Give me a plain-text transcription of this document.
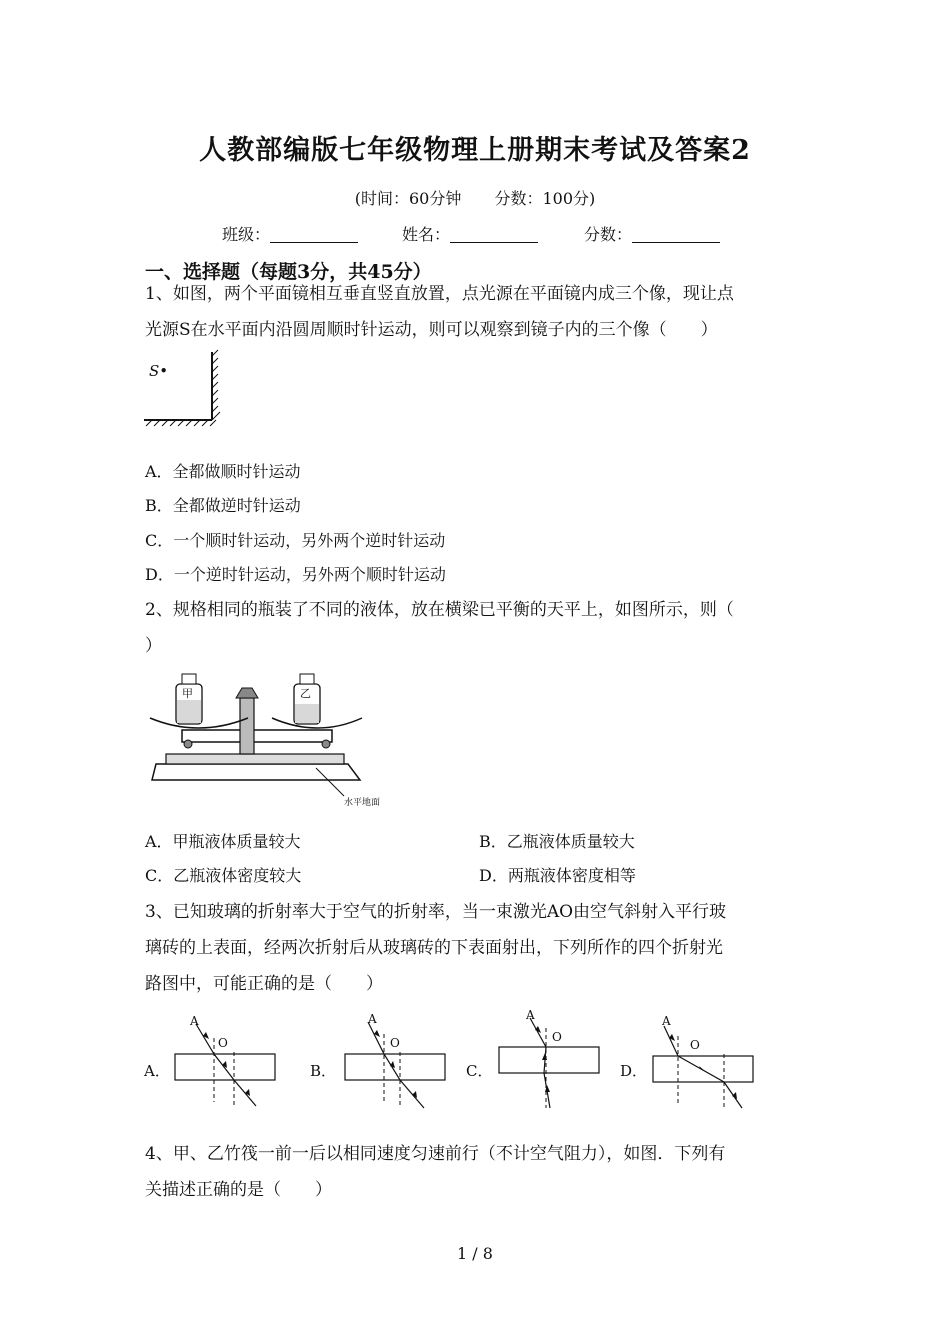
人教部编版七年级物理上册期末考试及答案2
(时间：60分钟 分数：100分)
班级：	姓名：	分数：
一、选择题（每题3分，共45分）
1、如图，两个平面镜相互垂直竖直放置，点光源在平面镜内成三个像，现让点
光源S在水平面内沿圆周顺时针运动，则可以观察到镜子内的三个像（　　）
S•
A．全都做顺时针运动
B．全都做逆时针运动
C．一个顺时针运动，另外两个逆时针运动
D．一个逆时针运动，另外两个顺时针运动
2、规格相同的瓶装了不同的液体，放在横梁已平衡的天平上，如图所示，则（
）
甲	乙
水平地面
A．甲瓶液体质量较大	B．乙瓶液体质量较大
C．乙瓶液体密度较大	D．两瓶液体密度相等
3、已知玻璃的折射率大于空气的折射率，当一束激光AO由空气斜射入平行玻
璃砖的上表面，经两次折射后从玻璃砖的下表面射出，下列所作的四个折射光
路图中，可能正确的是（　　）
A．	B．	C．	D．
A
O
A
O
A
O
A
O
4、甲、乙竹筏一前一后以相同速度匀速前行（不计空气阻力），如图．下列有
关描述正确的是（　　）
1 / 8
